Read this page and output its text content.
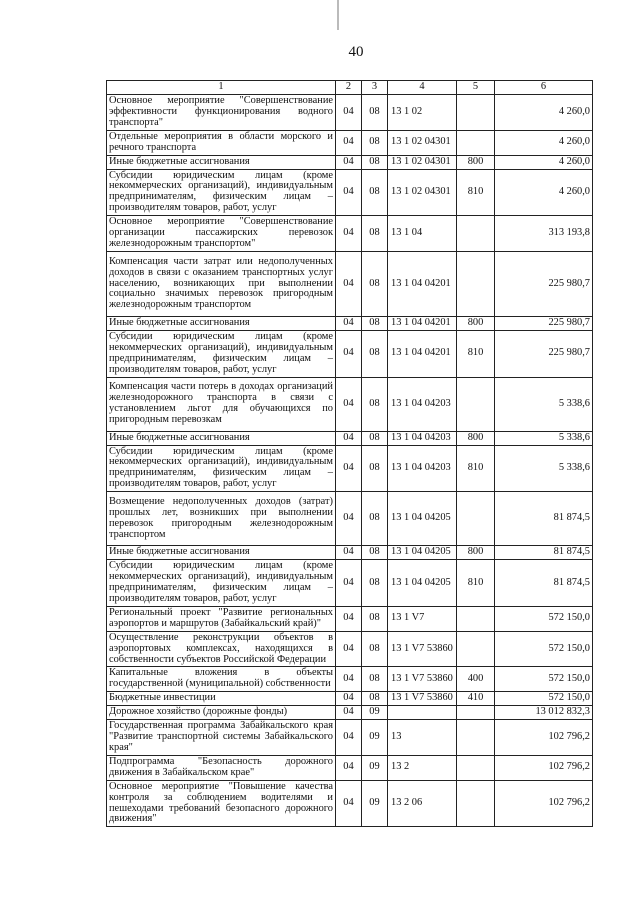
40
1	2	3	4	5	6
Основное мероприятие "Совершенствование эффективности функционирования водного транспорта"	04	08	13 1 02		4 260,0
Отдельные мероприятия в области морского и речного транспорта	04	08	13 1 02 04301		4 260,0
Иные бюджетные ассигнования	04	08	13 1 02 04301	800	4 260,0
Субсидии юридическим лицам (кроме некоммерческих организаций), индивидуальным предпринимателям, физическим лицам – производителям товаров, работ, услуг	04	08	13 1 02 04301	810	4 260,0
Основное мероприятие "Совершенствование организации пассажирских перевозок железнодорожным транспортом"	04	08	13 1 04		313 193,8
Компенсация части затрат или недополученных доходов в связи с оказанием транспортных услуг населению, возникающих при выполнении социально значимых перевозок пригородным железнодорожным транспортом	04	08	13 1 04 04201		225 980,7
Иные бюджетные ассигнования	04	08	13 1 04 04201	800	225 980,7
Субсидии юридическим лицам (кроме некоммерческих организаций), индивидуальным предпринимателям, физическим лицам – производителям товаров, работ, услуг	04	08	13 1 04 04201	810	225 980,7
Компенсация части потерь в доходах организаций железнодорожного транспорта в связи с установлением льгот для обучающихся по пригородным перевозкам	04	08	13 1 04 04203		5 338,6
Иные бюджетные ассигнования	04	08	13 1 04 04203	800	5 338,6
Субсидии юридическим лицам (кроме некоммерческих организаций), индивидуальным предпринимателям, физическим лицам – производителям товаров, работ, услуг	04	08	13 1 04 04203	810	5 338,6
Возмещение недополученных доходов (затрат) прошлых лет, возникших при выполнении перевозок пригородным железнодорожным транспортом	04	08	13 1 04 04205		81 874,5
Иные бюджетные ассигнования	04	08	13 1 04 04205	800	81 874,5
Субсидии юридическим лицам (кроме некоммерческих организаций), индивидуальным предпринимателям, физическим лицам – производителям товаров, работ, услуг	04	08	13 1 04 04205	810	81 874,5
Региональный проект "Развитие региональных аэропортов и маршрутов (Забайкальский край)"	04	08	13 1 V7		572 150,0
Осуществление реконструкции объектов в аэропортовых комплексах, находящихся в собственности субъектов Российской Федерации	04	08	13 1 V7 53860		572 150,0
Капитальные вложения в объекты государственной (муниципальной) собственности	04	08	13 1 V7 53860	400	572 150,0
Бюджетные инвестиции	04	08	13 1 V7 53860	410	572 150,0
Дорожное хозяйство (дорожные фонды)	04	09			13 012 832,3
Государственная программа Забайкальского края "Развитие транспортной системы Забайкальского края"	04	09	13		102 796,2
Подпрограмма "Безопасность дорожного движения в Забайкальском крае"	04	09	13 2		102 796,2
Основное мероприятие "Повышение качества контроля за соблюдением водителями и пешеходами требований безопасного дорожного движения"	04	09	13 2 06		102 796,2
